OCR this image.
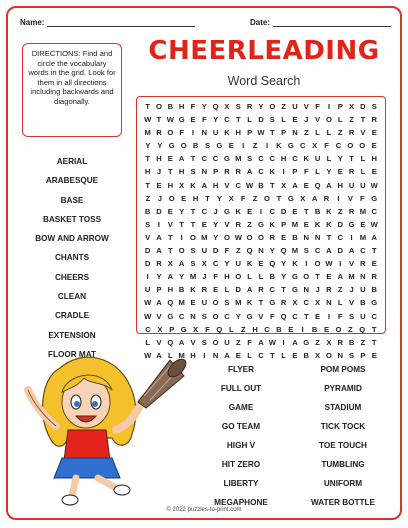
Name:	Date:
DIRECTIONS: Find and circle the vocabulary words in the grid. Look for them in all directions including backwards and diagonally.
CHEERLEADING
Word Search
T O B H F Y Q X S R Y O Z U V F	I	P X D S
W T W G E F Y C T L D S L E J V O L Z T R
M R O F	I N U K H P W T P N Z L L Z R V E
Y Y G O B S G E	I	Z	I	K G C X F C O O E
T H E A T C C G M S C C H C K U L Y T L H
H J T H S N P R R A C K I	P F L Y E R L E
T E H X K A H V C W B T X A E Q A H U U W
Z J O E H T Y X F Z O T G X A R	I	V F G
B D E Y T C J G K E	I C D E T B K Z R M C
S	I	V T T E Y V R Z G K P M E K K D G E W
V A T	I O M Y O W O O R E B N N T C I M A
D A T O S U D F Z Q N Y Q M S C A D A C T
D R X A S X C Y U K E Q Y K I O W I	V R E
I	Y A Y M J F H O L L B Y G O T E A M N R
U P H B K R E L D A R C T G N J R Z J U B
W A Q M E U O S M K T G R X C X N L V B G
W V G C N S O C Y G V F Q C T E	I	F S U C
C X P G X F Q L Z H C B E	I	B E O Z Q T
L V Q A V S O U Z F A W I A G Z X R B Z T
W A L M H I N A E L C T L E B X O N S P E
AERIAL
ARABESQUE
BASE
BASKET TOSS
BOW AND ARROW
CHANTS
CHEERS
CLEAN
CRADLE
EXTENSION
FLOOR MAT
FLYER
FULL OUT
GAME
GO TEAM
HIGH V
HIT ZERO
LIBERTY
MEGAPHONE
POM POMS
PYRAMID
STADIUM
TICK TOCK
TOE TOUCH
TUMBLING
UNIFORM
WATER BOTTLE
© 2022 puzzles-to-print.com
